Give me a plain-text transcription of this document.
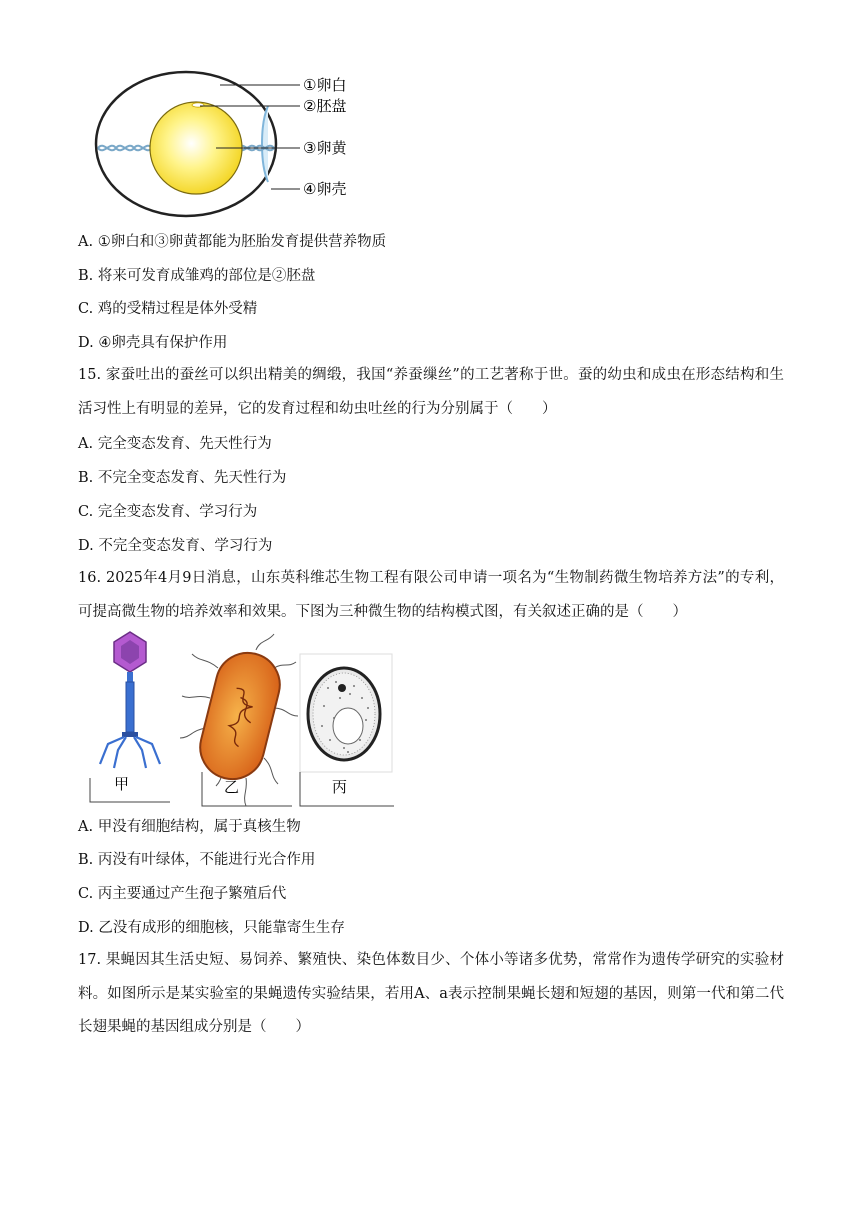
①卵白
②胚盘
③卵黄
④卵壳
A. ①卵白和③卵黄都能为胚胎发育提供营养物质
B. 将来可发育成雏鸡的部位是②胚盘
C. 鸡的受精过程是体外受精
D. ④卵壳具有保护作用
15. 家蚕吐出的蚕丝可以织出精美的绸缎，我国“养蚕缫丝”的工艺著称于世。蚕的幼虫和成虫在形态结构和生活习性上有明显的差异，它的发育过程和幼虫吐丝的行为分别属于（　　）
A. 完全变态发育、先天性行为
B. 不完全变态发育、先天性行为
C. 完全变态发育、学习行为
D. 不完全变态发育、学习行为
16. 2025年4月9日消息，山东英科维芯生物工程有限公司申请一项名为“生物制药微生物培养方法”的专利，可提高微生物的培养效率和效果。下图为三种微生物的结构模式图，有关叙述正确的是（　　）
甲	乙	丙
A. 甲没有细胞结构，属于真核生物
B. 丙没有叶绿体，不能进行光合作用
C. 丙主要通过产生孢子繁殖后代
D. 乙没有成形的细胞核，只能靠寄生生存
17. 果蝇因其生活史短、易饲养、繁殖快、染色体数目少、个体小等诸多优势，常常作为遗传学研究的实验材料。如图所示是某实验室的果蝇遗传实验结果，若用A、a表示控制果蝇长翅和短翅的基因，则第一代和第二代长翅果蝇的基因组成分别是（　　）
